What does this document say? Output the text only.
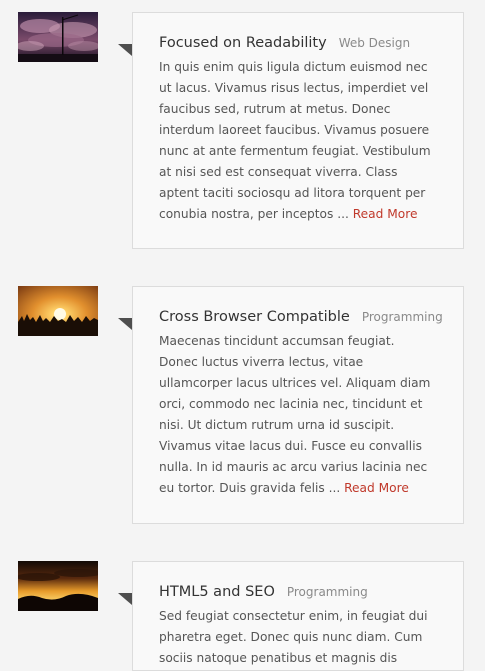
Focused on Readability Web Design

In quis enim quis ligula dictum euismod nec ut lacus. Vivamus risus lectus, imperdiet vel faucibus sed, rutrum at metus. Donec interdum laoreet faucibus. Vivamus posuere nunc at ante fermentum feugiat. Vestibulum at nisi sed est consequat viverra. Class aptent taciti sociosqu ad litora torquent per conubia nostra, per inceptos ... Read More

Cross Browser Compatible Programming

Maecenas tincidunt accumsan feugiat. Donec luctus viverra lectus, vitae ullamcorper lacus ultrices vel. Aliquam diam orci, commodo nec lacinia nec, tincidunt et nisi. Ut dictum rutrum urna id suscipit. Vivamus vitae lacus dui. Fusce eu convallis nulla. In id mauris ac arcu varius lacinia nec eu tortor. Duis gravida felis ... Read More

HTML5 and SEO Programming

Sed feugiat consectetur enim, in feugiat dui pharetra eget. Donec quis nunc diam. Cum sociis natoque penatibus et magnis dis
